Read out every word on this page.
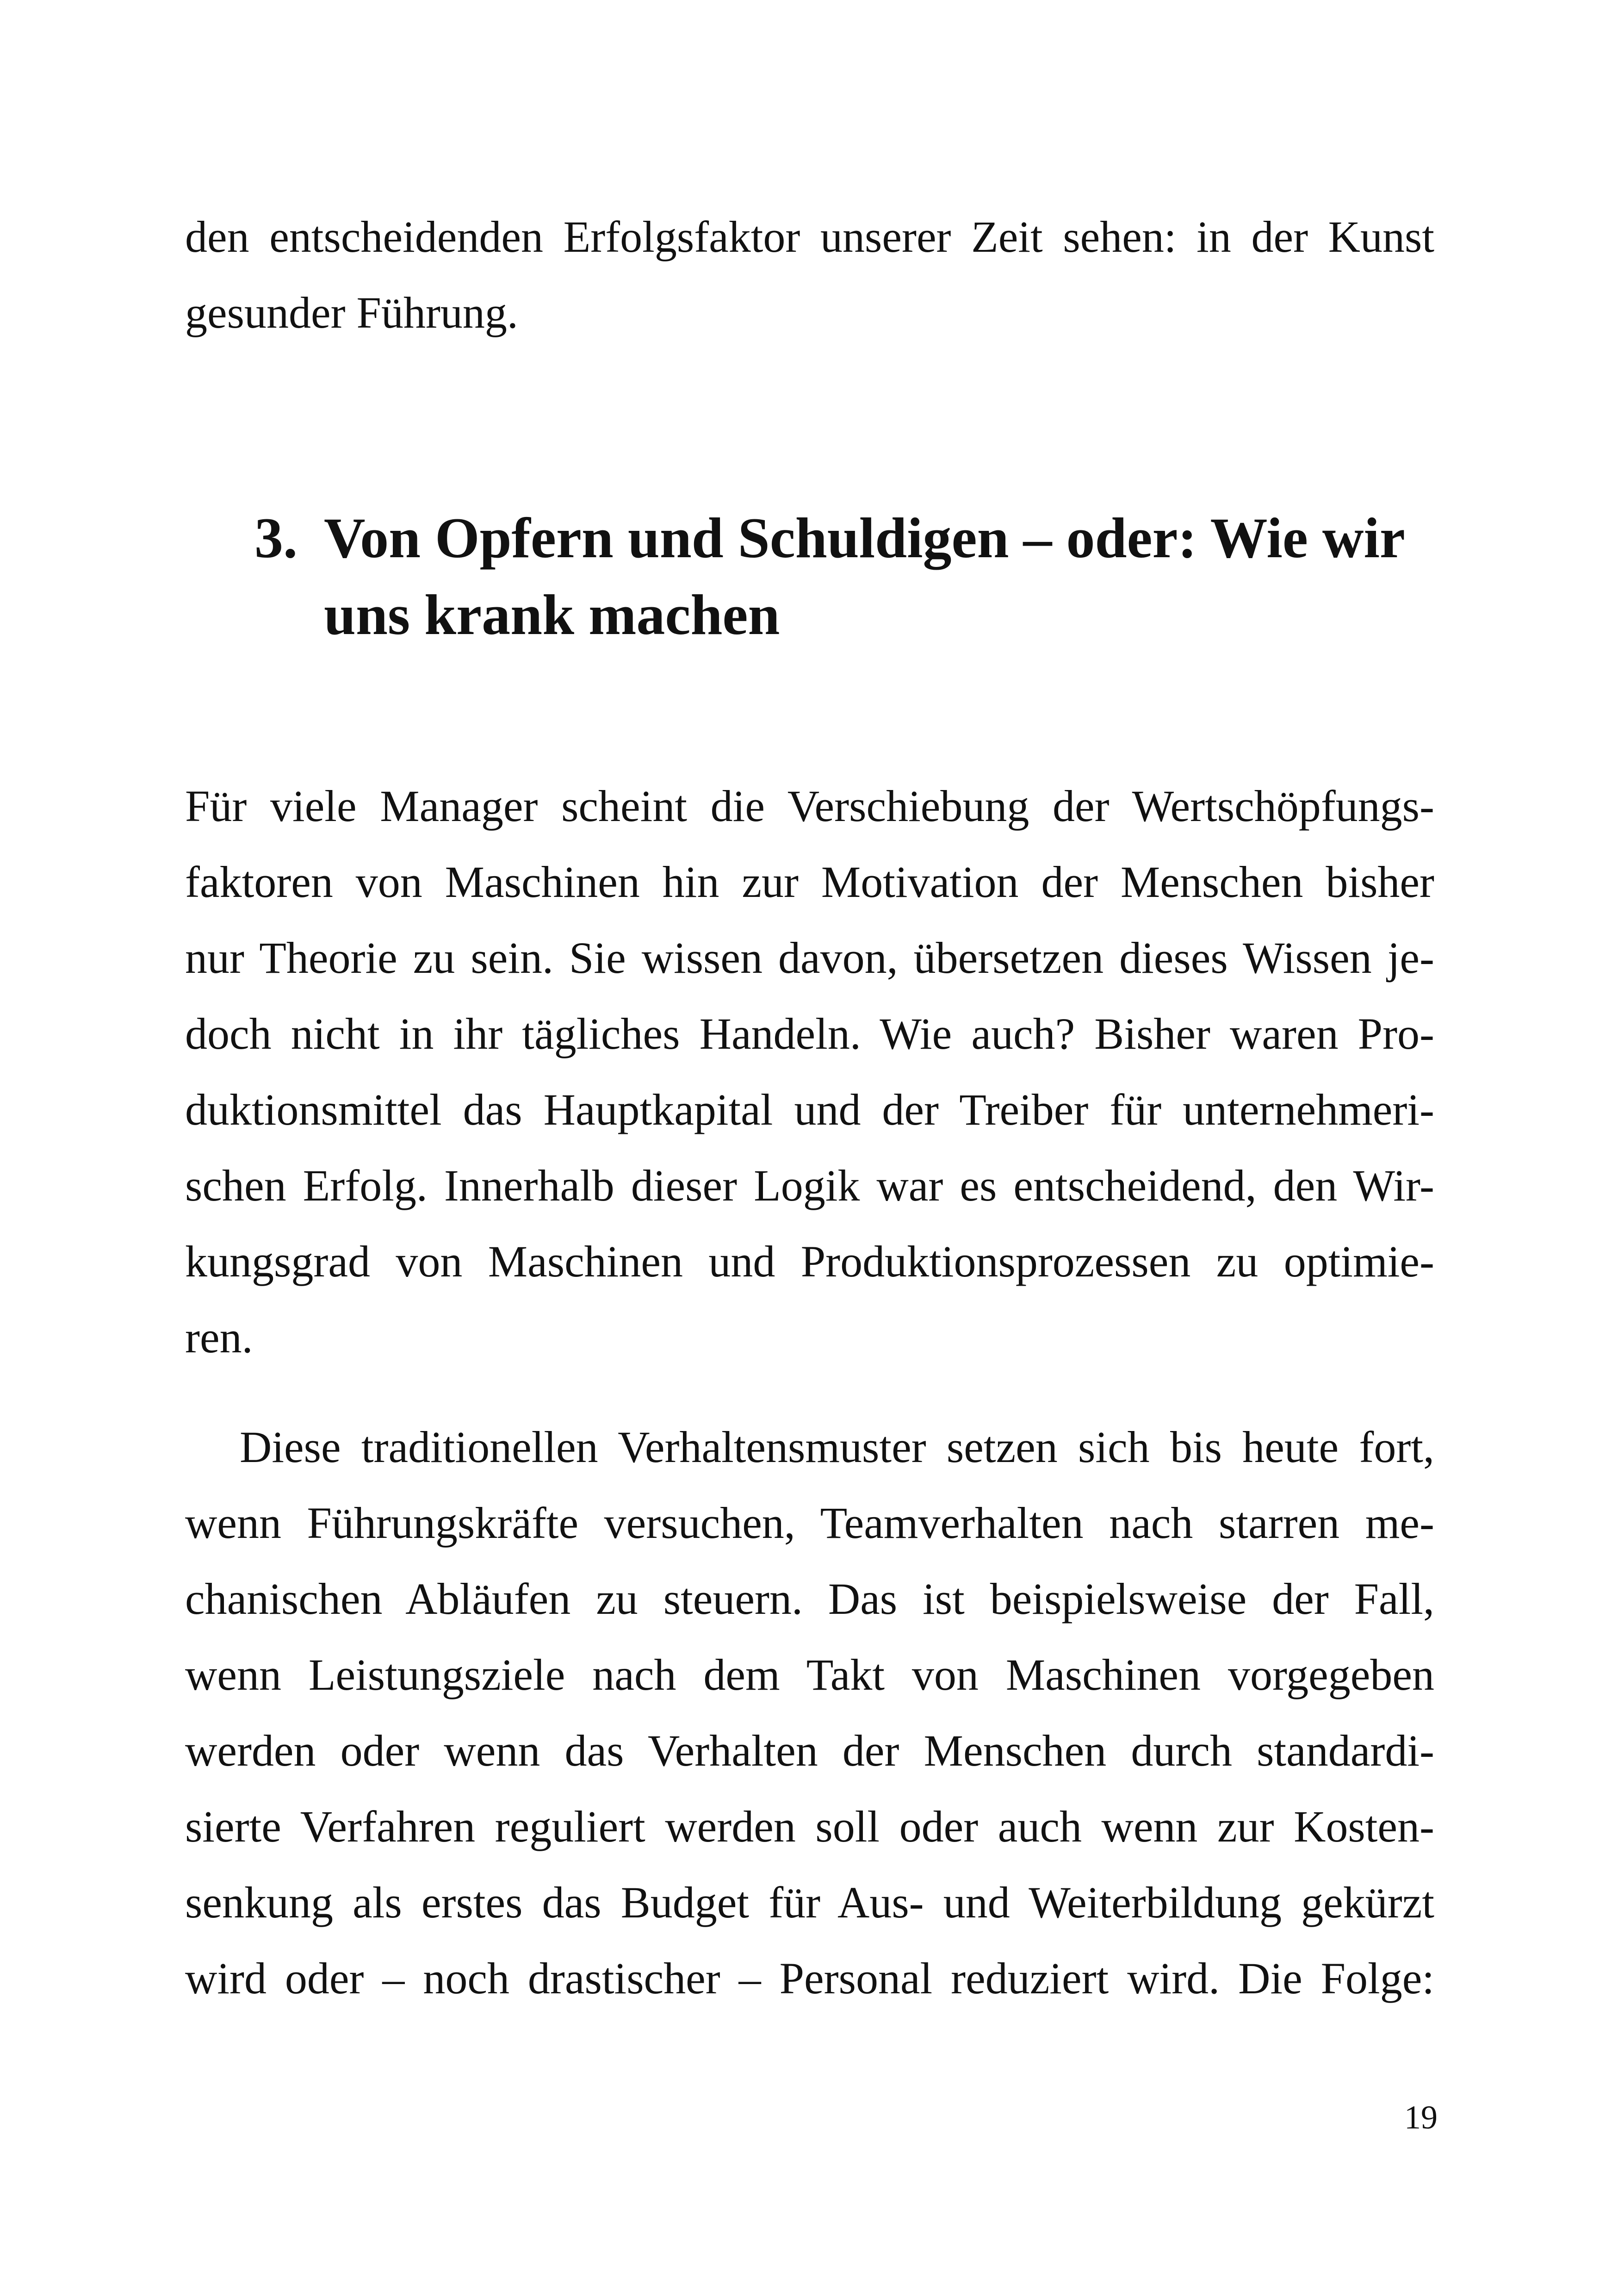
den entscheidenden Erfolgsfaktor unserer Zeit sehen: in der Kunst
gesunder Führung.
3. Von Opfern und Schuldigen – oder: Wie wir
uns krank machen
Für viele Manager scheint die Verschiebung der Wertschöpfungs-
faktoren von Maschinen hin zur Motivation der Menschen bisher
nur Theorie zu sein. Sie wissen davon, übersetzen dieses Wissen je-
doch nicht in ihr tägliches Handeln. Wie auch? Bisher waren Pro-
duktionsmittel das Hauptkapital und der Treiber für unternehmeri-
schen Erfolg. Innerhalb dieser Logik war es entscheidend, den Wir-
kungsgrad von Maschinen und Produktionsprozessen zu optimie-
ren.
Diese traditionellen Verhaltensmuster setzen sich bis heute fort,
wenn Führungskräfte versuchen, Teamverhalten nach starren me-
chanischen Abläufen zu steuern. Das ist beispielsweise der Fall,
wenn Leistungsziele nach dem Takt von Maschinen vorgegeben
werden oder wenn das Verhalten der Menschen durch standardi-
sierte Verfahren reguliert werden soll oder auch wenn zur Kosten-
senkung als erstes das Budget für Aus- und Weiterbildung gekürzt
wird oder – noch drastischer – Personal reduziert wird. Die Folge:
19
